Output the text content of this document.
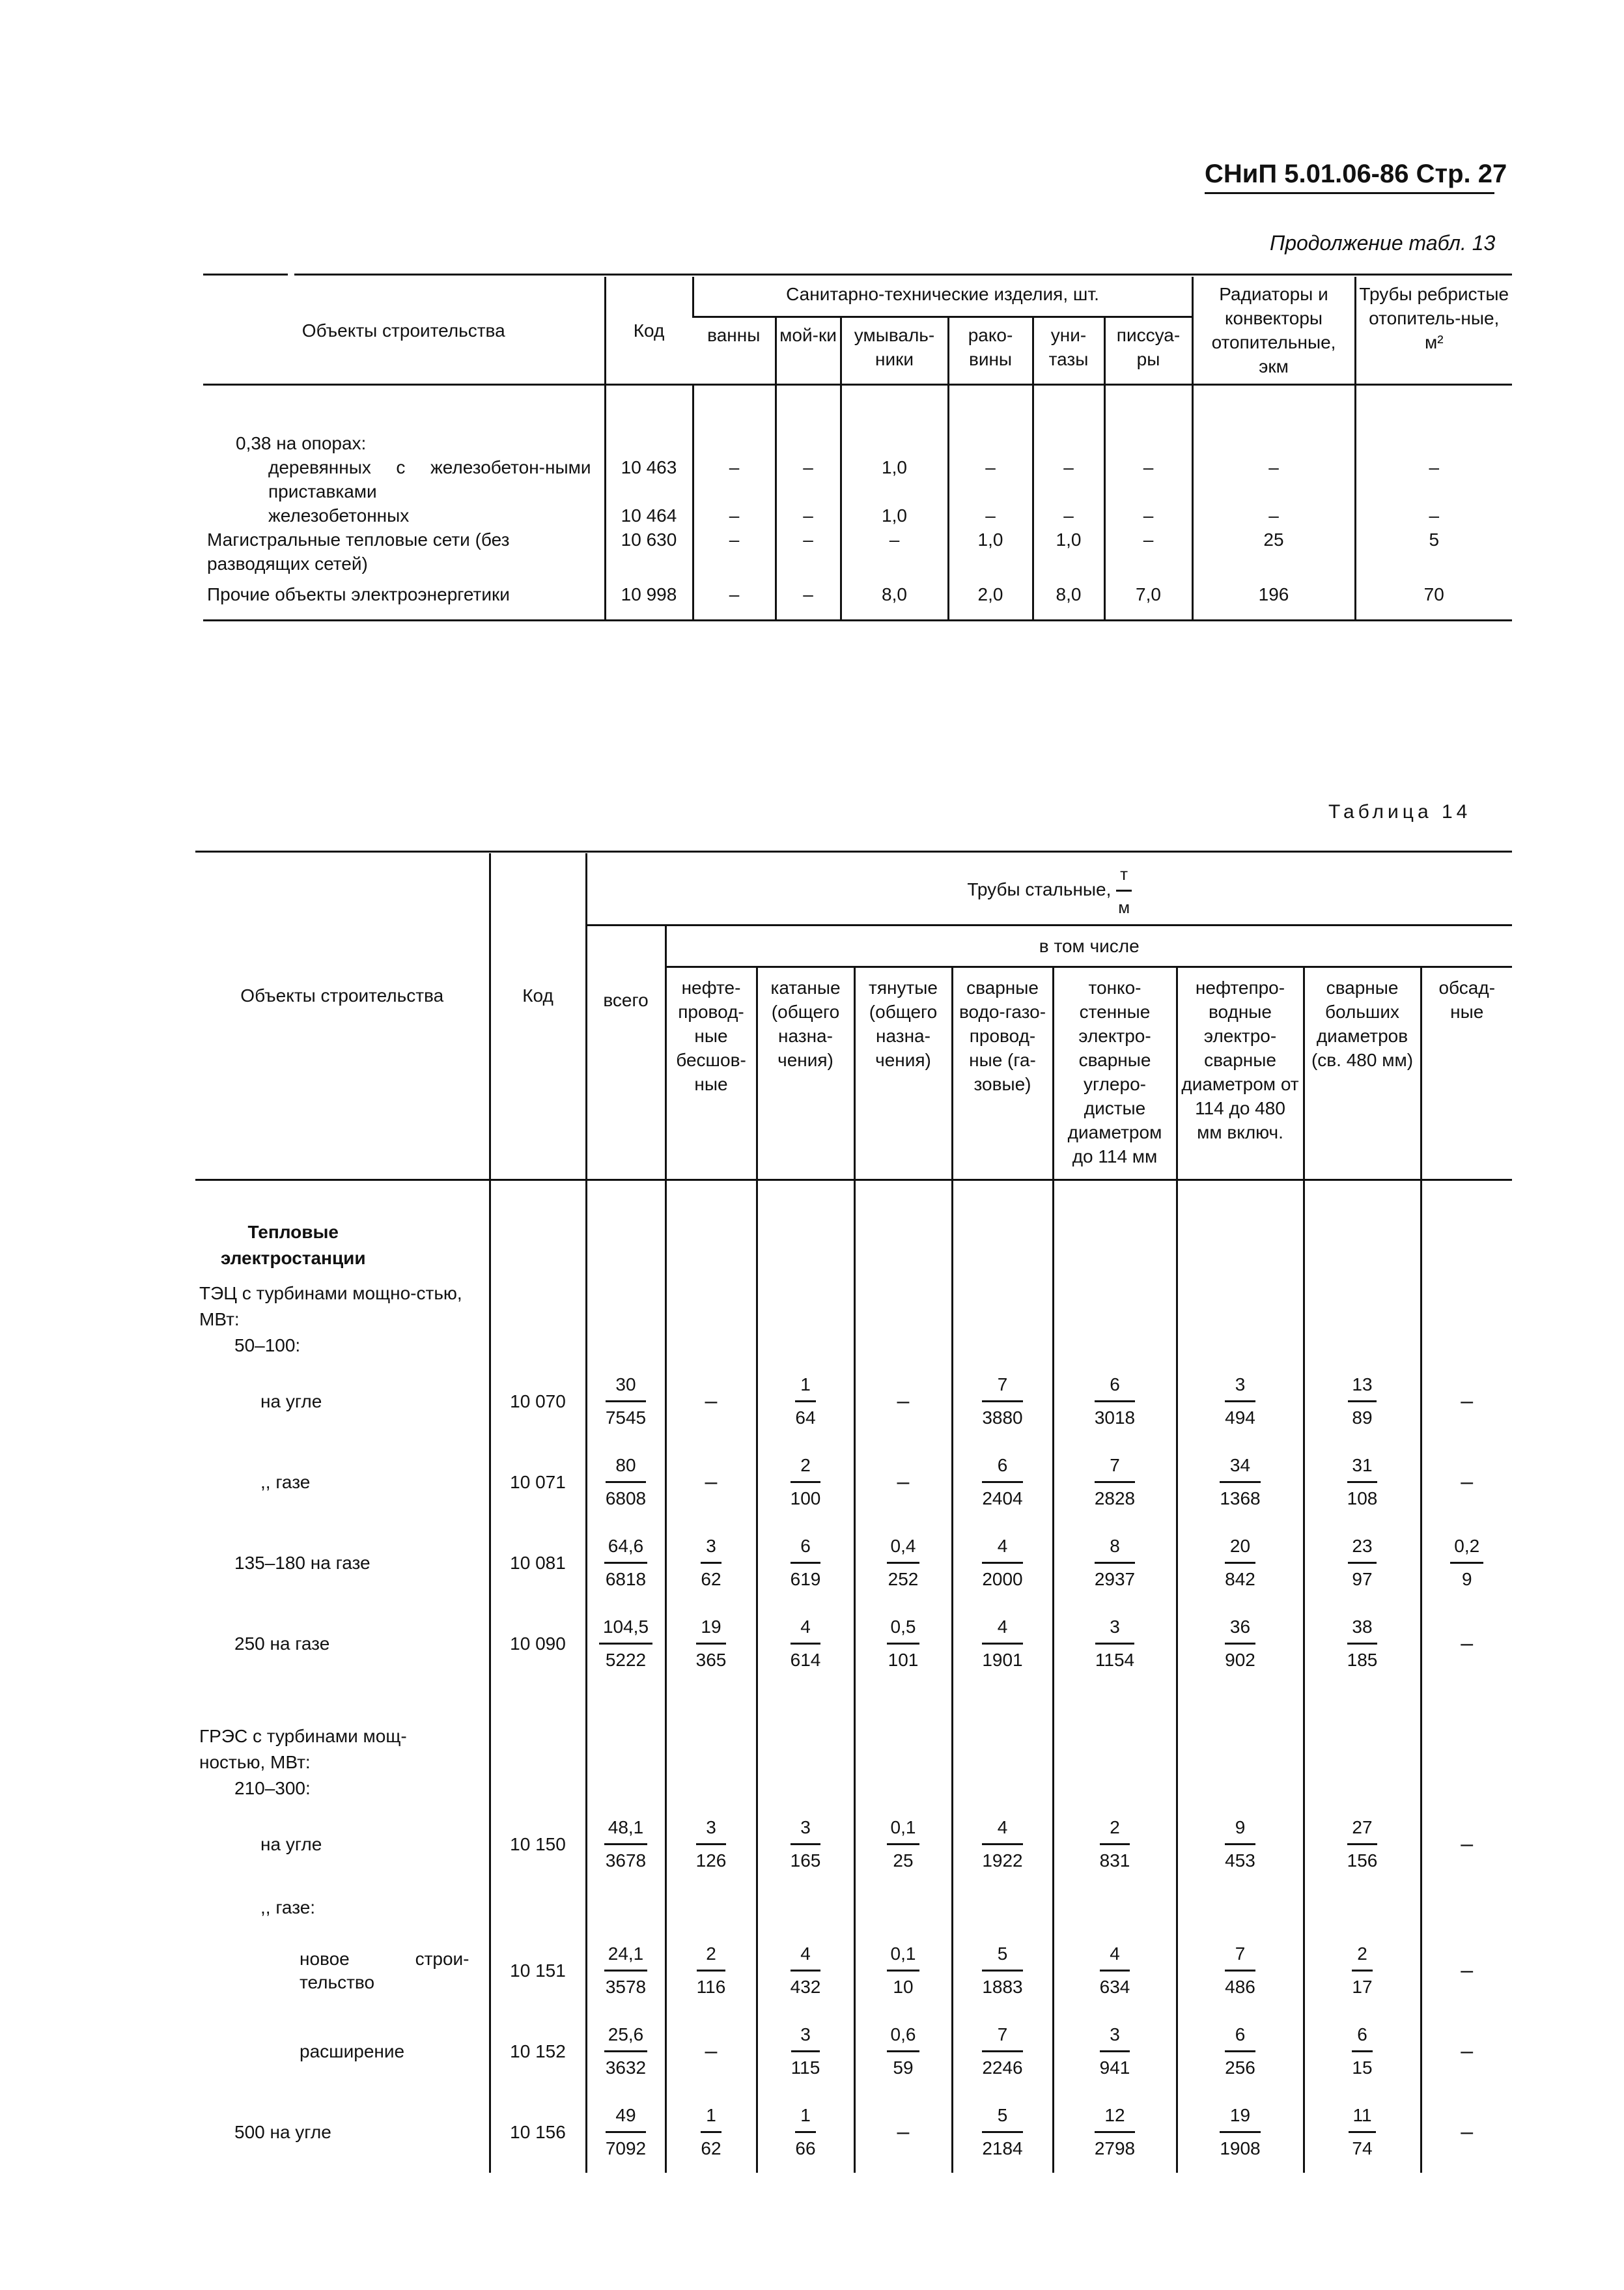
СНиП 5.01.06-86 Стр. 27
Продолжение табл. 13
Объекты строительства	Код	Санитарно-технические изделия, шт.						Радиаторы и конвекторы отопительные, экм	Трубы ребристые отопитель-ные, м²
		ванны	мой-ки	умываль-ники	рако-вины	уни-тазы	писсуа-ры		

0,38 на опорах:									
деревянных с железобетон-ными приставками	10 463	–	–	1,0	–	–	–	–	–
железобетонных	10 464	–	–	1,0	–	–	–	–	–
Магистральные тепловые сети (без разводящих сетей)	10 630	–	–	–	1,0	1,0	–	25	5
Прочие объекты электроэнергетики	10 998	–	–	8,0	2,0	8,0	7,0	196	70
Таблица 14
Объекты строительства	Код	Трубы стальные, $\frac{т}{м}$

		всего	в том числе							
			нефте-провод-ные бесшов-ные	катаные (общего назна-чения)	тянутые (общего назна-чения)	сварные водо-газо-провод-ные (га-зовые)	тонко-стенные электро-сварные углеро-дистые диаметром до 114 мм	нефтепро-водные электро-сварные диаметром от 114 до 480 мм включ.	сварные больших диаметров (св. 480 мм)	обсад-ные

Тепловые электростанции										
ТЭЦ с турбинами мощно-стью, МВт:										
50–100:										
на угле	10 070	$\frac{30}{7545}$	–	$\frac{1}{64}$	–	$\frac{7}{3880}$	$\frac{6}{3018}$	$\frac{3}{494}$	$\frac{13}{89}$	–
,, газе	10 071	$\frac{80}{6808}$	–	$\frac{2}{100}$	–	$\frac{6}{2404}$	$\frac{7}{2828}$	$\frac{34}{1368}$	$\frac{31}{108}$	–
135–180 на газе	10 081	$\frac{64,6}{6818}$	$\frac{3}{62}$	$\frac{6}{619}$	$\frac{0,4}{252}$	$\frac{4}{2000}$	$\frac{8}{2937}$	$\frac{20}{842}$	$\frac{23}{97}$	$\frac{0,2}{9}$

250 на газе	10 090	$\frac{104,5}{5222}$	$\frac{19}{365}$	$\frac{4}{614}$	$\frac{0,5}{101}$	$\frac{4}{1901}$	$\frac{3}{1154}$	$\frac{36}{902}$	$\frac{38}{185}$	–

ГРЭС с турбинами мощ-ностью, МВт:										
210–300:										
на угле	10 150	$\frac{48,1}{3678}$	$\frac{3}{126}$	$\frac{3}{165}$	$\frac{0,1}{25}$	$\frac{4}{1922}$	$\frac{2}{831}$	$\frac{9}{453}$	$\frac{27}{156}$	–
,, газе:										
новое строи-тельство	10 151	$\frac{24,1}{3578}$	$\frac{2}{116}$	$\frac{4}{432}$	$\frac{0,1}{10}$	$\frac{5}{1883}$	$\frac{4}{634}$	$\frac{7}{486}$	$\frac{2}{17}$	–
расширение	10 152	$\frac{25,6}{3632}$	–	$\frac{3}{115}$	$\frac{0,6}{59}$	$\frac{7}{2246}$	$\frac{3}{941}$	$\frac{6}{256}$	$\frac{6}{15}$	–
500 на угле	10 156	$\frac{49}{7092}$	$\frac{1}{62}$	$\frac{1}{66}$	–	$\frac{5}{2184}$	$\frac{12}{2798}$	$\frac{19}{1908}$	$\frac{11}{74}$	–
